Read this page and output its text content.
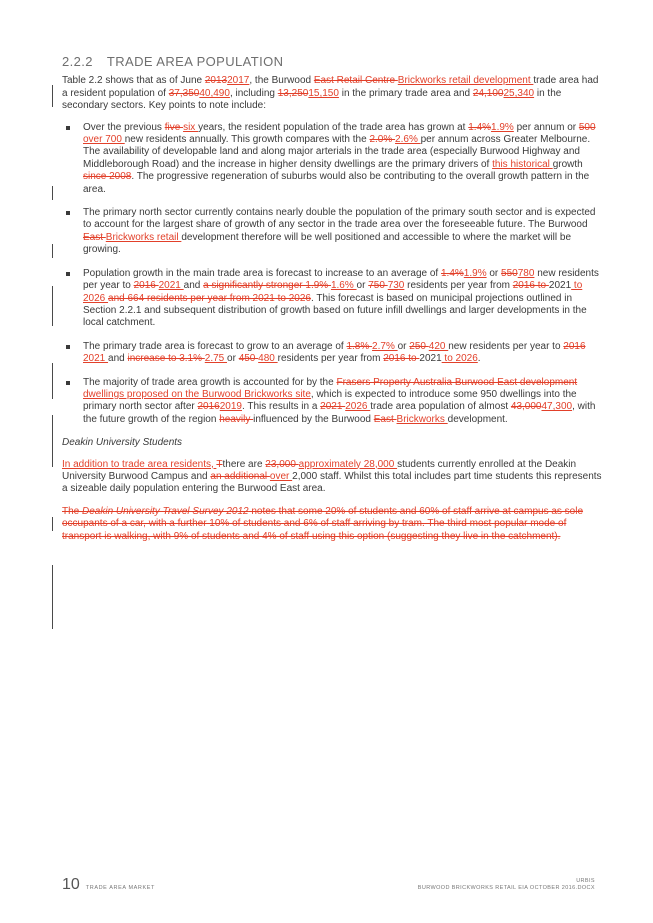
2.2.2 TRADE AREA POPULATION

Table 2.2 shows that as of June 20132017, the Burwood East Retail Centre Brickworks retail development trade area had a resident population of 37,35040,490, including 13,25015,150 in the primary trade area and 24,10025,340 in the secondary sectors. Key points to note include:

Over the previous five six years, the resident population of the trade area has grown at 1.4%1.9% per annum or 500 over 700 new residents annually. This growth compares with the 2.0% 2.6% per annum across Greater Melbourne. The availability of developable land and along major arterials in the trade area (especially Burwood Highway and Middleborough Road) and the increase in higher density dwellings are the primary drivers of this historical growth since 2008. The progressive regeneration of suburbs would also be contributing to the overall growth pattern in the area.
The primary north sector currently contains nearly double the population of the primary south sector and is expected to account for the largest share of growth of any sector in the trade area over the foreseeable future. The Burwood East Brickworks retail development therefore will be well positioned and accessible to where the market will be growing.
Population growth in the main trade area is forecast to increase to an average of 1.4%1.9% or 550780 new residents per year to 2016 2021 and a significantly stronger 1.9% 1.6% or 750 730 residents per year from 2016 to 2021 to 2026 and 664 residents per year from 2021 to 2026. This forecast is based on municipal projections outlined in Section 2.2.1 and subsequent distribution of growth based on future infill dwellings and larger developments in the local catchment.
The primary trade area is forecast to grow to an average of 1.8% 2.7% or 250 420 new residents per year to 2016 2021 and increase to 3.1% 2.75 or 450 480 residents per year from 2016 to 2021 to 2026.
The majority of trade area growth is accounted for by the Frasers Property Australia Burwood East development dwellings proposed on the Burwood Brickworks site, which is expected to introduce some 950 dwellings into the primary north sector after 20162019. This results in a 2021 2026 trade area population of almost 43,00047,300, with the future growth of the region heavily influenced by the Burwood East Brickworks development.

Deakin University Students

In addition to trade area residents, Tthere are 23,000 approximately 28,000 students currently enrolled at the Deakin University Burwood Campus and an additional over 2,000 staff. Whilst this total includes part time students this represents a sizeable daily population entering the Burwood East area.

The Deakin University Travel Survey 2012 notes that some 20% of students and 60% of staff arrive at campus as sole occupants of a car, with a further 10% of students and 6% of staff arriving by tram. The third most popular mode of transport is walking, with 9% of students and 4% of staff using this option (suggesting they live in the catchment).

10 TRADE AREA MARKET
URBIS
BURWOOD BRICKWORKS RETAIL EIA OCTOBER 2016.DOCX
